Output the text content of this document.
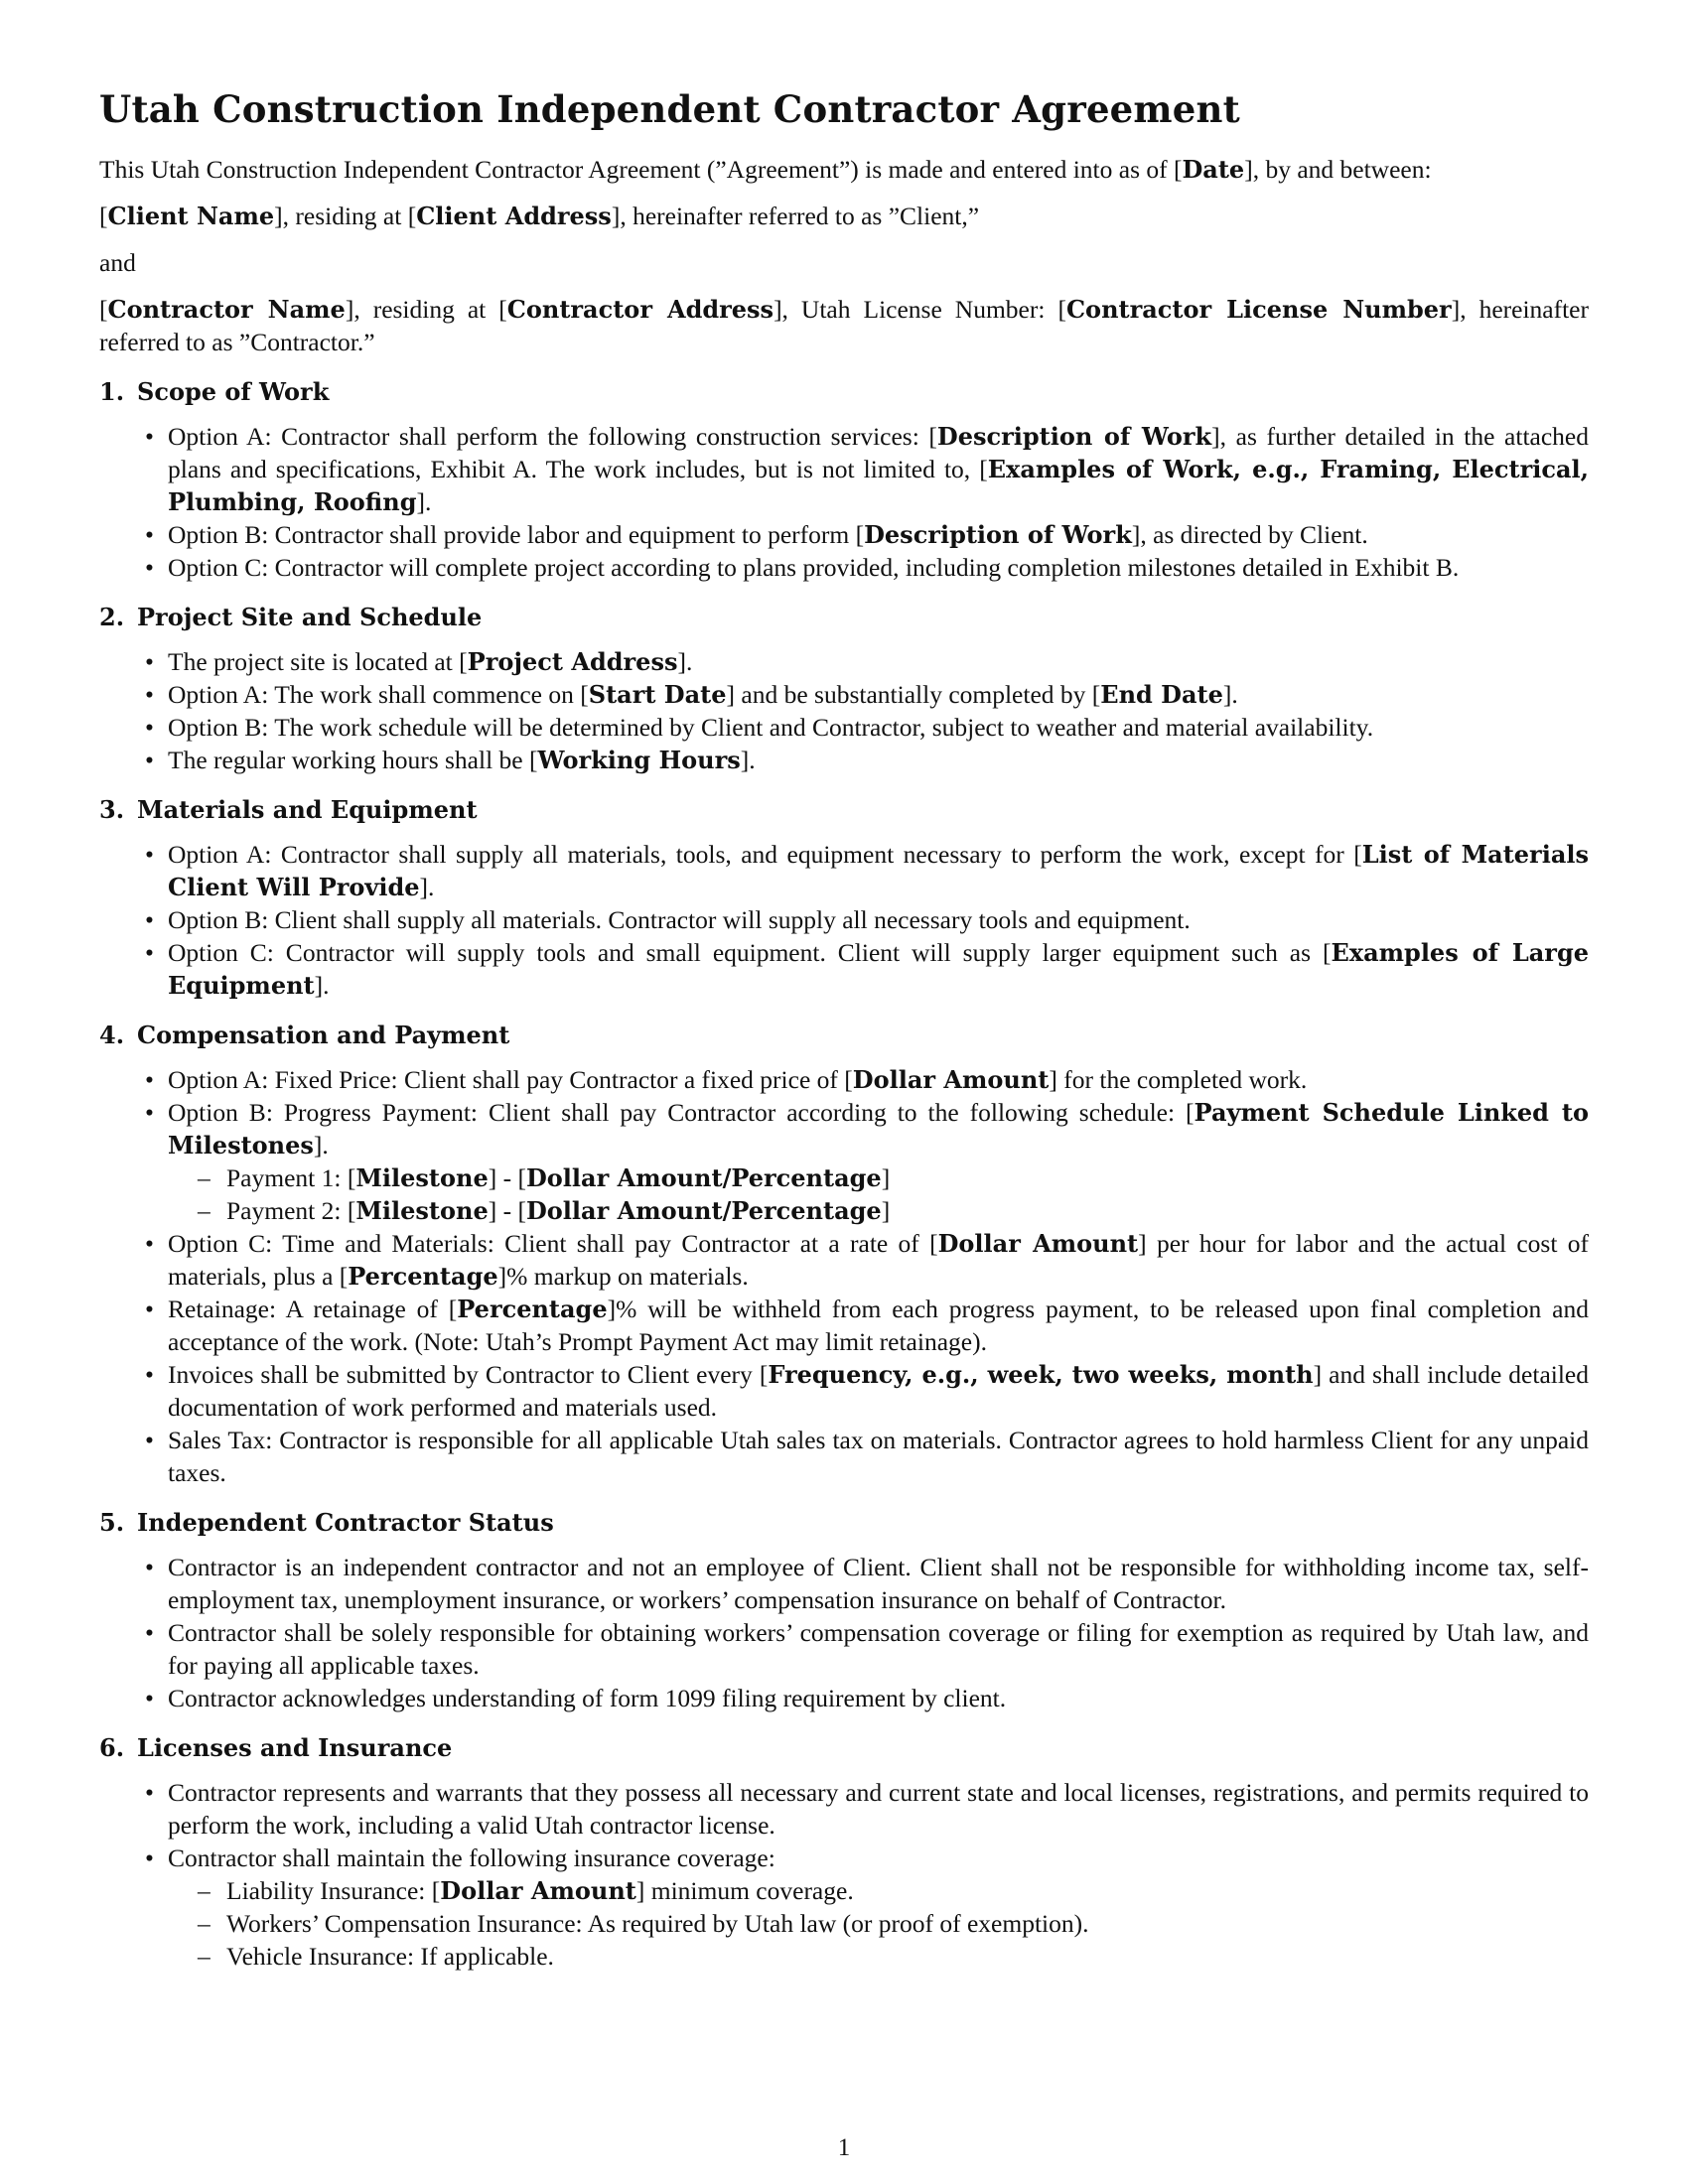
Utah Construction Independent Contractor Agreement

This Utah Construction Independent Contractor Agreement (”Agreement”) is made and entered into as of [Date], by and between:

[Client Name], residing at [Client Address], hereinafter referred to as ”Client,”

and

[Contractor Name], residing at [Contractor Address], Utah License Number: [Contractor License Number], hereinafter referred to as ”Contractor.”

1. Scope of Work
• Option A: Contractor shall perform the following construction services: [Description of Work], as further detailed in the attached plans and specifications, Exhibit A. The work includes, but is not limited to, [Examples of Work, e.g., Framing, Electrical, Plumbing, Roofing].
• Option B: Contractor shall provide labor and equipment to perform [Description of Work], as directed by Client.
• Option C: Contractor will complete project according to plans provided, including completion milestones detailed in Exhibit B.
2. Project Site and Schedule
• The project site is located at [Project Address].
• Option A: The work shall commence on [Start Date] and be substantially completed by [End Date].
• Option B: The work schedule will be determined by Client and Contractor, subject to weather and material availability.
• The regular working hours shall be [Working Hours].
3. Materials and Equipment
• Option A: Contractor shall supply all materials, tools, and equipment necessary to perform the work, except for [List of Materials Client Will Provide].
• Option B: Client shall supply all materials. Contractor will supply all necessary tools and equipment.
• Option C: Contractor will supply tools and small equipment. Client will supply larger equipment such as [Examples of Large Equipment].
4. Compensation and Payment
• Option A: Fixed Price: Client shall pay Contractor a fixed price of [Dollar Amount] for the completed work.
• Option B: Progress Payment: Client shall pay Contractor according to the following schedule: [Payment Schedule Linked to Milestones].
– Payment 1: [Milestone] - [Dollar Amount/Percentage]
– Payment 2: [Milestone] - [Dollar Amount/Percentage]
• Option C: Time and Materials: Client shall pay Contractor at a rate of [Dollar Amount] per hour for labor and the actual cost of materials, plus a [Percentage]% markup on materials.
• Retainage: A retainage of [Percentage]% will be withheld from each progress payment, to be released upon final completion and acceptance of the work. (Note: Utah’s Prompt Payment Act may limit retainage).
• Invoices shall be submitted by Contractor to Client every [Frequency, e.g., week, two weeks, month] and shall include detailed documentation of work performed and materials used.
• Sales Tax: Contractor is responsible for all applicable Utah sales tax on materials. Contractor agrees to hold harmless Client for any unpaid taxes.
5. Independent Contractor Status
• Contractor is an independent contractor and not an employee of Client. Client shall not be responsible for withholding income tax, self-employment tax, unemployment insurance, or workers’ compensation insurance on behalf of Contractor.
• Contractor shall be solely responsible for obtaining workers’ compensation coverage or filing for exemption as required by Utah law, and for paying all applicable taxes.
• Contractor acknowledges understanding of form 1099 filing requirement by client.
6. Licenses and Insurance
• Contractor represents and warrants that they possess all necessary and current state and local licenses, registrations, and permits required to perform the work, including a valid Utah contractor license.
• Contractor shall maintain the following insurance coverage:
– Liability Insurance: [Dollar Amount] minimum coverage.
– Workers’ Compensation Insurance: As required by Utah law (or proof of exemption).
– Vehicle Insurance: If applicable.
1
